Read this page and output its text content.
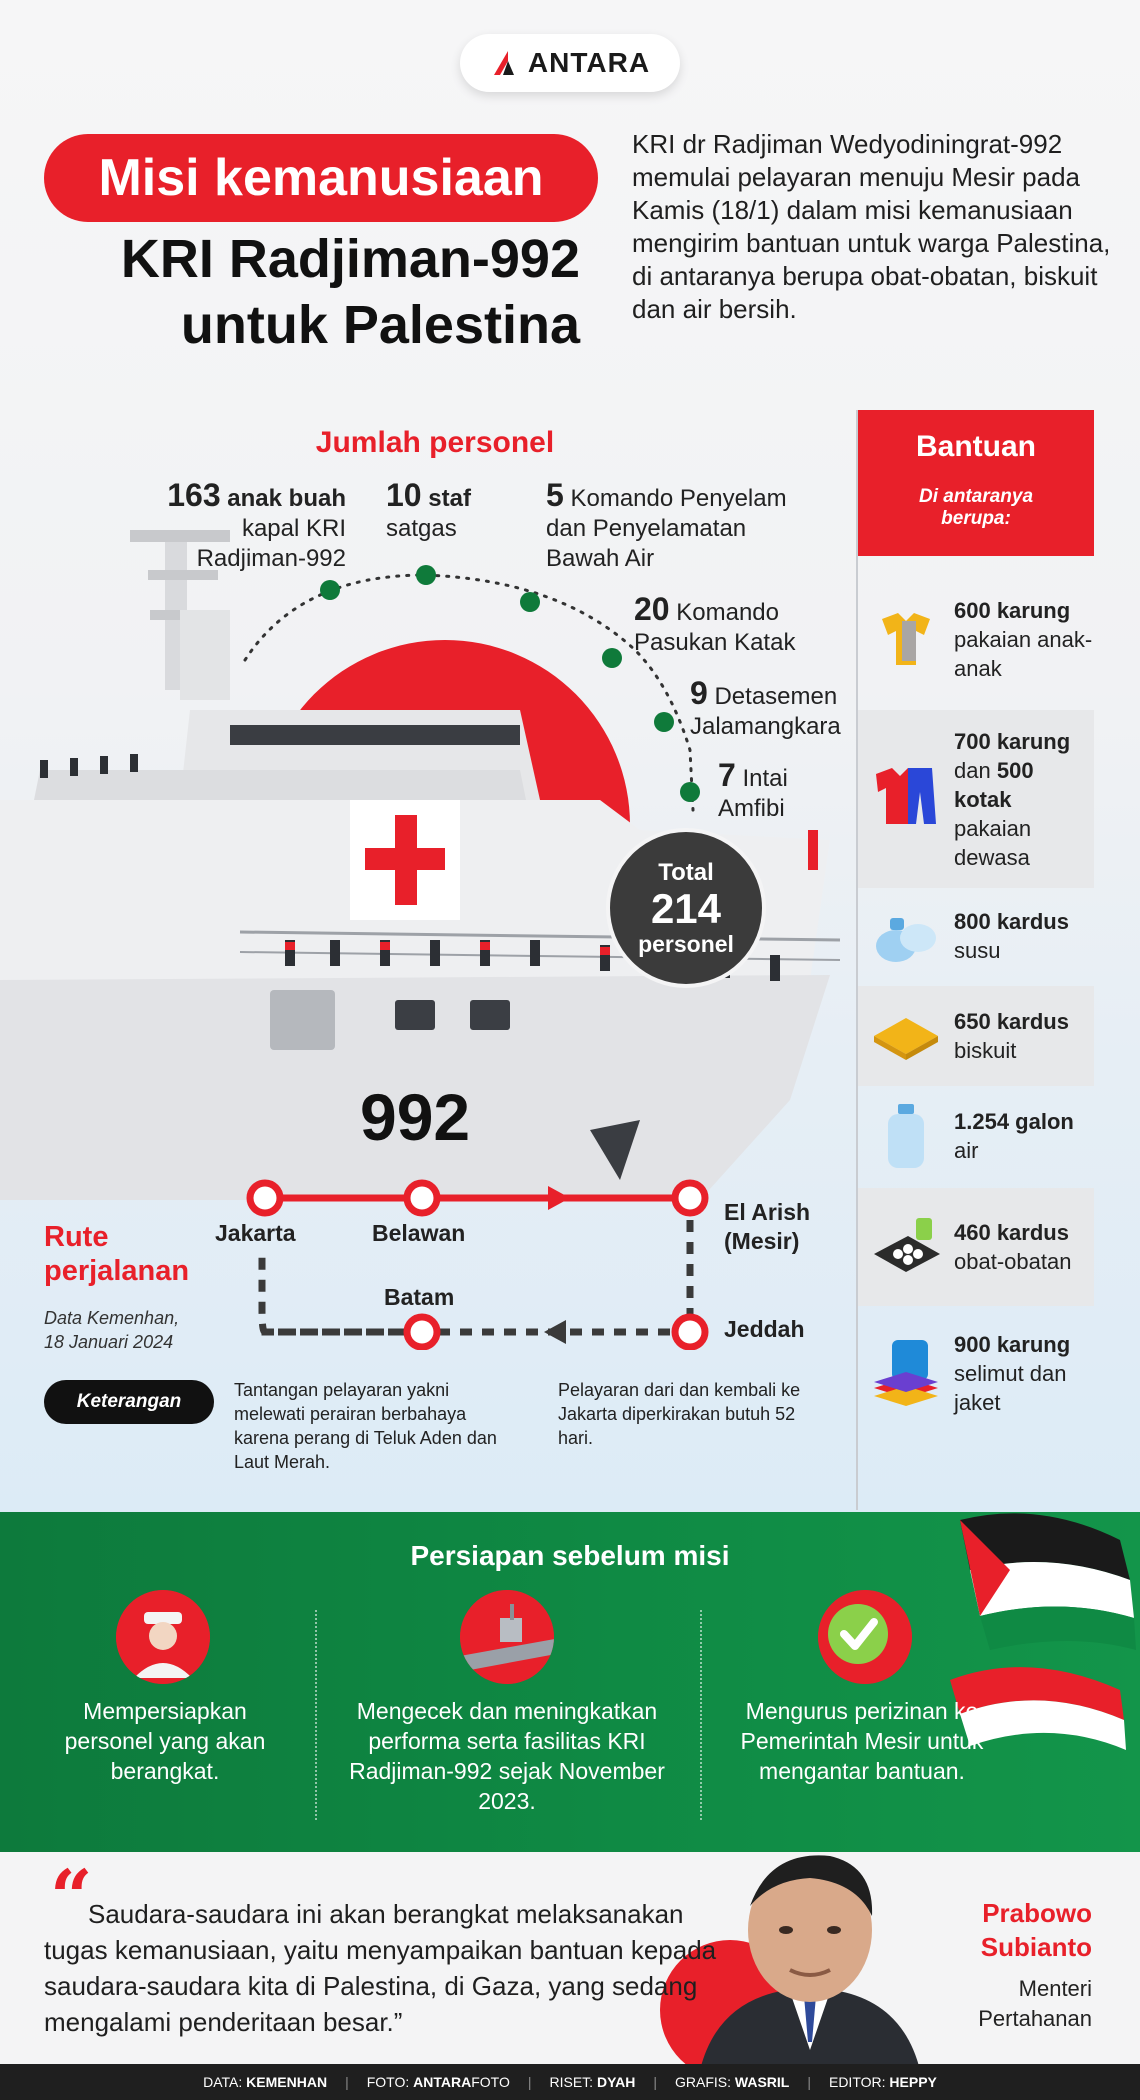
ANTARA
Misi kemanusiaan
KRI Radjiman-992
untuk Palestina
KRI dr Radjiman Wedyodiningrat-992 memulai pelayaran menuju Mesir pada Kamis (18/1) dalam misi kemanusiaan mengirim bantuan untuk warga Palestina, di antaranya berupa obat-obatan, biskuit dan air bersih.
992
Jumlah personel
163 anak buah
kapal KRI Radjiman-992
10 staf
satgas
5 Komando Penyelam
dan Penyelamatan Bawah Air
20 Komando
Pasukan Katak
9 Detasemen
Jalamangkara
7 Intai
Amfibi
Total
214
personel
Bantuan
Di antaranya berupa:
600 karung
pakaian anak-anak
700 karung
dan 500 kotak
pakaian dewasa
800 kardus
susu
650 kardus
biskuit
1.254 galon
air
460 kardus
obat-obatan
900 karung
selimut dan jaket
Jakarta	Belawan
El Arish (Mesir)
Jeddah
Batam
Rute
perjalanan
Data Kemenhan,
18 Januari 2024
Keterangan
Tantangan pelayaran yakni melewati perairan berbahaya karena perang di Teluk Aden dan Laut Merah.
Pelayaran dari dan kembali ke Jakarta diperkirakan butuh 52 hari.
Persiapan sebelum misi
Mempersiapkan personel yang akan berangkat.
Mengecek dan meningkatkan performa serta fasilitas KRI Radjiman-992 sejak November 2023.
Mengurus perizinan ke Pemerintah Mesir untuk mengantar bantuan.
“
Saudara-saudara ini akan berangkat melaksanakan tugas kemanusiaan, yaitu menyampaikan bantuan kepada saudara-saudara kita di Palestina, di Gaza, yang sedang mengalami penderitaan besar.”
Prabowo Subianto
Menteri Pertahanan
DATA: KEMENHAN | FOTO: ANTARAFOTO | RISET: DYAH | GRAFIS: WASRIL | EDITOR: HEPPY
